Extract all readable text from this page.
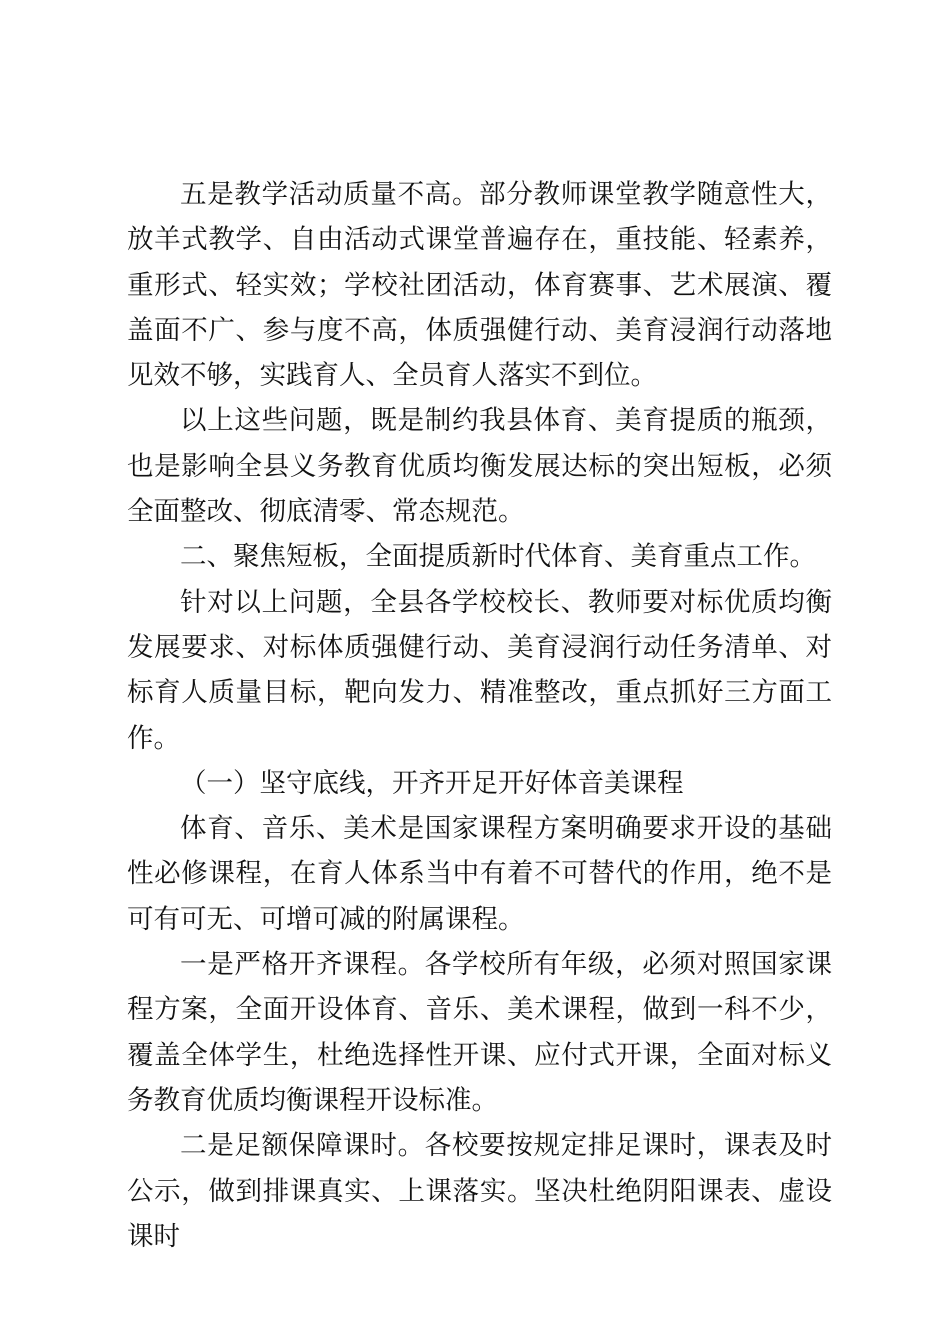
五是教学活动质量不高。部分教师课堂教学随意性大，放羊式教学、自由活动式课堂普遍存在，重技能、轻素养，重形式、轻实效；学校社团活动，体育赛事、艺术展演、覆盖面不广、参与度不高，体质强健行动、美育浸润行动落地见效不够，实践育人、全员育人落实不到位。

以上这些问题，既是制约我县体育、美育提质的瓶颈，也是影响全县义务教育优质均衡发展达标的突出短板，必须全面整改、彻底清零、常态规范。

二、聚焦短板，全面提质新时代体育、美育重点工作。

针对以上问题，全县各学校校长、教师要对标优质均衡发展要求、对标体质强健行动、美育浸润行动任务清单、对标育人质量目标，靶向发力、精准整改，重点抓好三方面工作。

（一）坚守底线，开齐开足开好体音美课程

体育、音乐、美术是国家课程方案明确要求开设的基础性必修课程，在育人体系当中有着不可替代的作用，绝不是可有可无、可增可减的附属课程。

一是严格开齐课程。各学校所有年级，必须对照国家课程方案，全面开设体育、音乐、美术课程，做到一科不少，覆盖全体学生，杜绝选择性开课、应付式开课，全面对标义务教育优质均衡课程开设标准。

二是足额保障课时。各校要按规定排足课时，课表及时公示，做到排课真实、上课落实。坚决杜绝阴阳课表、虚设课时
